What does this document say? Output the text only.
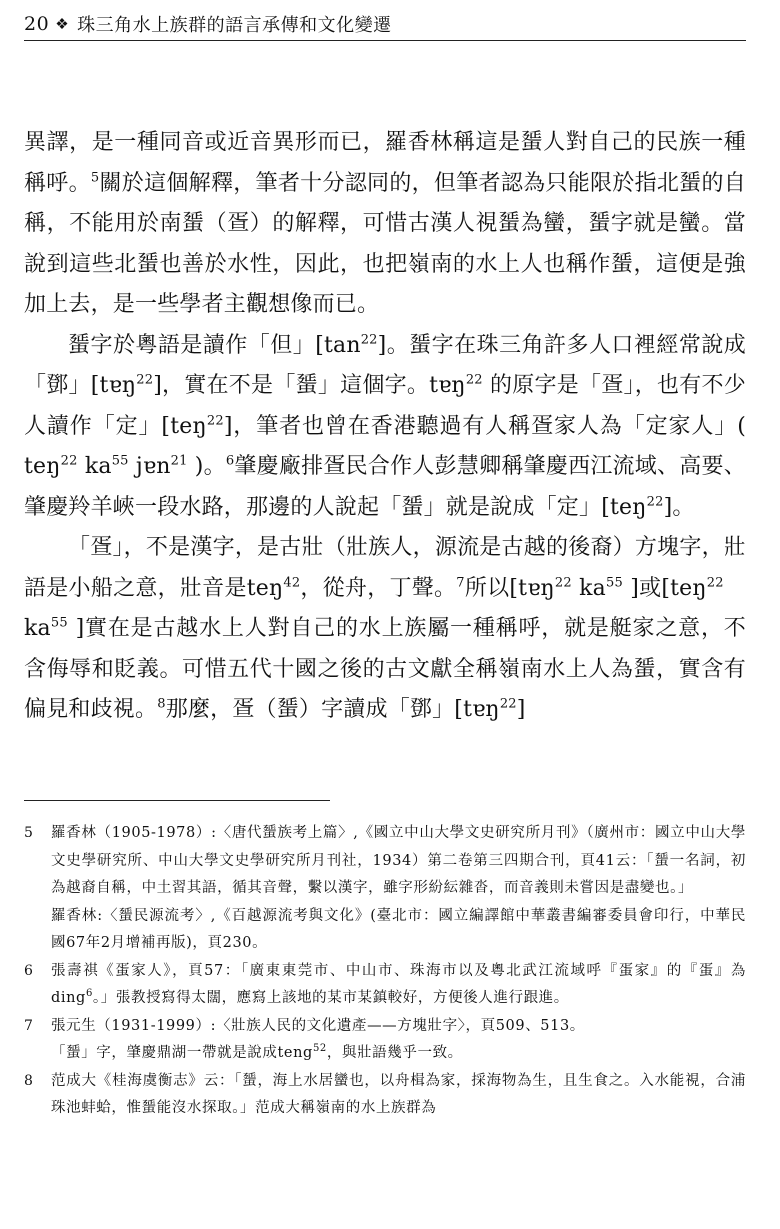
20 ❖ 珠三角水上族群的語言承傳和文化變遷

異譯，是一種同音或近音異形而已，羅香林稱這是蜑人對自己的民族一種稱呼。$^5$關於這個解釋，筆者十分認同的，但筆者認為只能限於指北蜑的自稱，不能用於南蜑（疍）的解釋，可惜古漢人視蜑為蠻，蜑字就是蠻。當說到這些北蜑也善於水性，因此，也把嶺南的水上人也稱作蜑，這便是強加上去，是一些學者主觀想像而已。

蜑字於粵語是讀作「但」[tan$^{22}$]。蜑字在珠三角許多人口裡經常說成「鄧」[tɐŋ$^{22}$]，實在不是「蜑」這個字。tɐŋ$^{22}$ 的原字是「疍」，也有不少人讀作「定」[teŋ$^{22}$]，筆者也曾在香港聽過有人稱疍家人為「定家人」( teŋ$^{22}$ ka$^{55}$ jɐn$^{21}$ )。$^6$肇慶廠排疍民合作人彭慧卿稱肇慶西江流域、高要、肇慶羚羊峽一段水路，那邊的人說起「蜑」就是說成「定」[teŋ$^{22}$]。

「疍」，不是漢字，是古壯（壯族人，源流是古越的後裔）方塊字，壯語是小船之意，壯音是teŋ$^{42}$，從舟，丁聲。$^7$所以[tɐŋ$^{22}$ ka$^{55}$ ]或[teŋ$^{22}$　ka$^{55}$ ]實在是古越水上人對自己的水上族屬一種稱呼，就是艇家之意，不含侮辱和貶義。可惜五代十國之後的古文獻全稱嶺南水上人為蜑，實含有偏見和歧視。$^8$那麼，疍（蜑）字讀成「鄧」[tɐŋ$^{22}$]

5	羅香林（1905-1978）:〈唐代蜑族考上篇〉,《國立中山大學文史研究所月刊》（廣州市：國立中山大學文史學研究所、中山大學文史學研究所月刊社，1934）第二卷第三四期合刊，頁41云：「蜑一名詞，初為越裔自稱，中土習其語，循其音聲，繫以漢字，雖字形紛紜雜沓，而音義則未嘗因是盡變也。」

羅香林:〈蜑民源流考〉,《百越源流考與文化》(臺北市：國立編譯館中華叢書編審委員會印行，中華民國67年2月增補再版)，頁230。

6	張壽祺《蛋家人》，頁57：「廣東東莞市、中山市、珠海市以及粵北武江流域呼『蛋家』的『蛋』為ding$^6$。」張教授寫得太闊，應寫上該地的某市某鎮較好，方便後人進行跟進。

7	張元生（1931-1999）:〈壯族人民的文化遺產——方塊壯字〉，頁509、513。

「蜑」字，肇慶鼎湖一帶就是說成teng$^{52}$，與壯語幾乎一致。

8	范成大《桂海虞衡志》云：「蜑，海上水居蠻也，以舟楫為家，採海物為生，且生食之。入水能視，合浦珠池蚌蛤，惟蜑能沒水探取。」范成大稱嶺南的水上族群為
